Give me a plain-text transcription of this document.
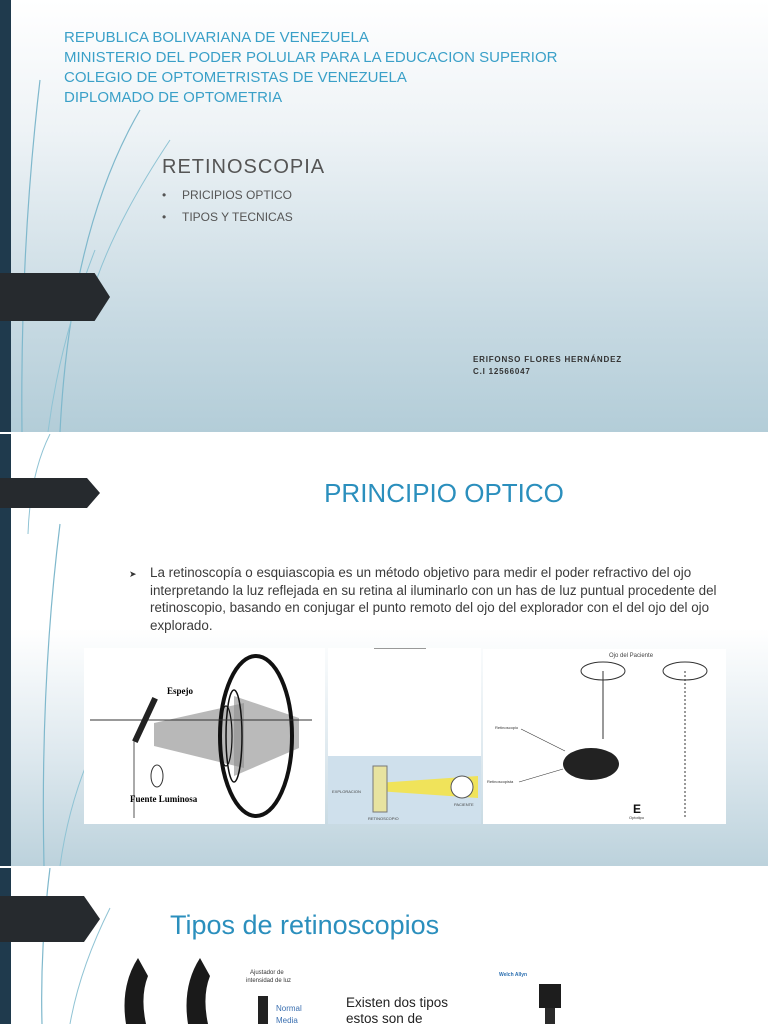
REPUBLICA BOLIVARIANA DE VENEZUELA
MINISTERIO DEL PODER POLULAR PARA LA EDUCACION SUPERIOR
COLEGIO DE OPTOMETRISTAS DE VENEZUELA
DIPLOMADO DE OPTOMETRIA
RETINOSCOPIA
• PRICIPIOS OPTICO
• TIPOS Y TECNICAS
ERIFONSO FLORES HERNÁNDEZ
C.I 12566047
PRINCIPIO OPTICO
➤ La retinoscopía o esquiascopia es un método objetivo para medir el poder refractivo del ojo interpretando la luz reflejada en su retina al iluminarlo con un has de luz puntual procedente del retinoscopio, basando en conjugar el punto remoto del ojo del explorador con el del ojo del ojo explorado.

Espejo
Fuente Luminosa
EXPLORACION
RETINOSCOPIO
PACIENTE
Ojo del Paciente
Retinoscopio
Retinoscopista
E
Optotipo
Tipos de retinoscopios
Ajustador de
intensidad de luz
Normal
Media
Existen dos tipos
estos son de
Welch Allyn
